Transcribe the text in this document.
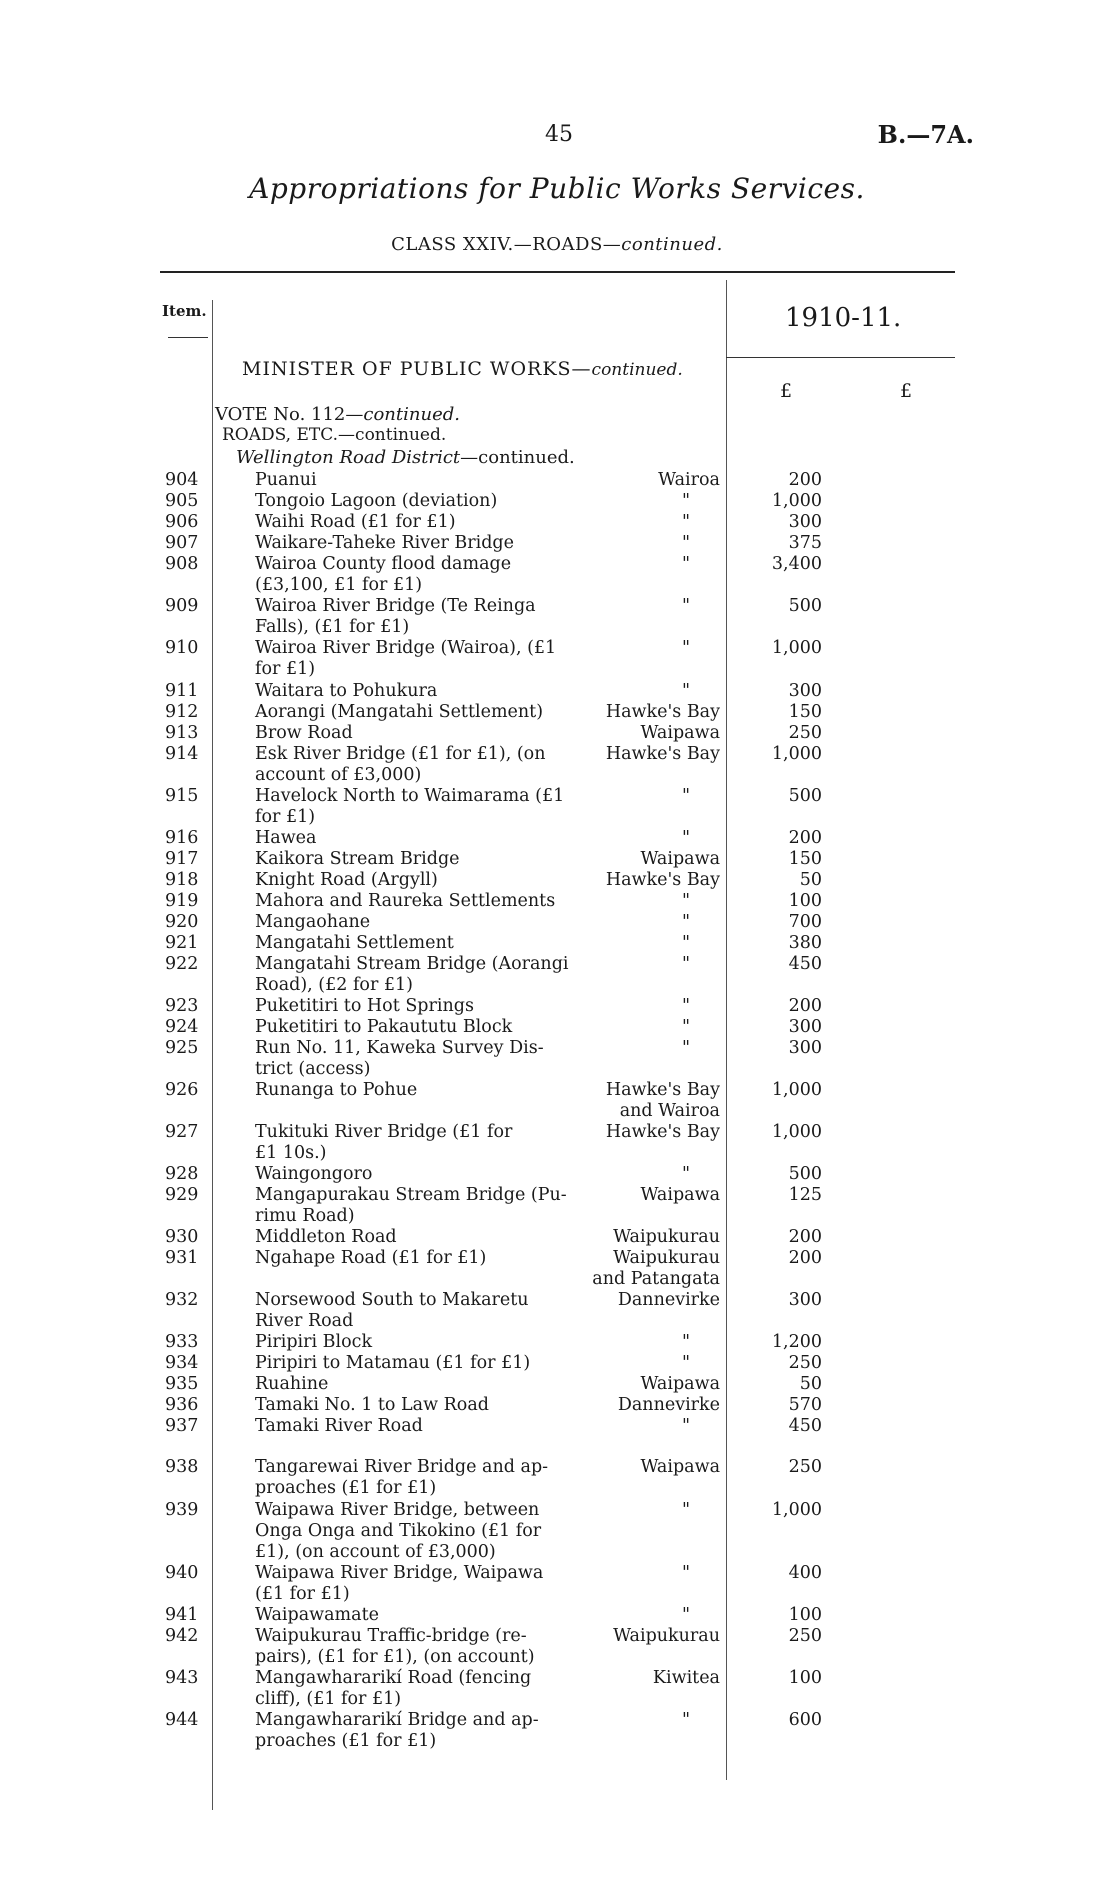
45	B.—7A.
Appropriations for Public Works Services.
CLASS XXIV.—ROADS—continued.
Item.	1910-11.
£	£
MINISTER OF PUBLIC WORKS—continued.
VOTE No. 112—continued.
ROADS, ETC.—continued.
Wellington Road District—continued.
904	Puanui	Wairoa	200
905	Tongoio Lagoon (deviation)	"	1,000
906	Waihi Road (£1 for £1)	"	300
907	Waikare-Taheke River Bridge	"	375
908	Wairoa County flood damage
(£3,100, £1 for £1)
"	3,400
909	Wairoa River Bridge (Te Reinga
Falls), (£1 for £1)
"	500
910	Wairoa River Bridge (Wairoa), (£1
for £1)
"	1,000
911	Waitara to Pohukura	"	300
912	Aorangi (Mangatahi Settlement)	Hawke's Bay	150
913	Brow Road	Waipawa	250
914	Esk River Bridge (£1 for £1), (on
account of £3,000)
Hawke's Bay	1,000
915	Havelock North to Waimarama (£1
for £1)
"	500
916	Hawea	"	200
917	Kaikora Stream Bridge	Waipawa	150
918	Knight Road (Argyll)	Hawke's Bay	50
919	Mahora and Raureka Settlements	"	100
920	Mangaohane	"	700
921	Mangatahi Settlement	"	380
922	Mangatahi Stream Bridge (Aorangi
Road), (£2 for £1)
"	450
923	Puketitiri to Hot Springs	"	200
924	Puketitiri to Pakaututu Block	"	300
925	Run No. 11, Kaweka Survey Dis-
trict (access)
"	300
926	Runanga to Pohue	Hawke's Bay
and Wairoa
1,000
927	Tukituki River Bridge (£1 for
£1 10s.)
Hawke's Bay	1,000
928	Waingongoro	"	500
929	Mangapurakau Stream Bridge (Pu-
rimu Road)
Waipawa	125
930	Middleton Road	Waipukurau	200
931	Ngahape Road (£1 for £1)	Waipukurau
and Patangata
200
932	Norsewood South to Makaretu
River Road
Dannevirke	300
933	Piripiri Block	"	1,200
934	Piripiri to Matamau (£1 for £1)	"	250
935	Ruahine	Waipawa	50
936	Tamaki No. 1 to Law Road	Dannevirke	570
937	Tamaki River Road	"	450
938	Tangarewai River Bridge and ap-
proaches (£1 for £1)
Waipawa	250
939	Waipawa River Bridge, between
Onga Onga and Tikokino (£1 for
£1), (on account of £3,000)
"	1,000
940	Waipawa River Bridge, Waipawa
(£1 for £1)
"	400
941	Waipawamate	"	100
942	Waipukurau Traffic-bridge (re-
pairs), (£1 for £1), (on account)
Waipukurau	250
943	Mangawhararikí Road (fencing
cliff), (£1 for £1)
Kiwitea	100
944	Mangawhararikí Bridge and ap-
proaches (£1 for £1)
"	600
